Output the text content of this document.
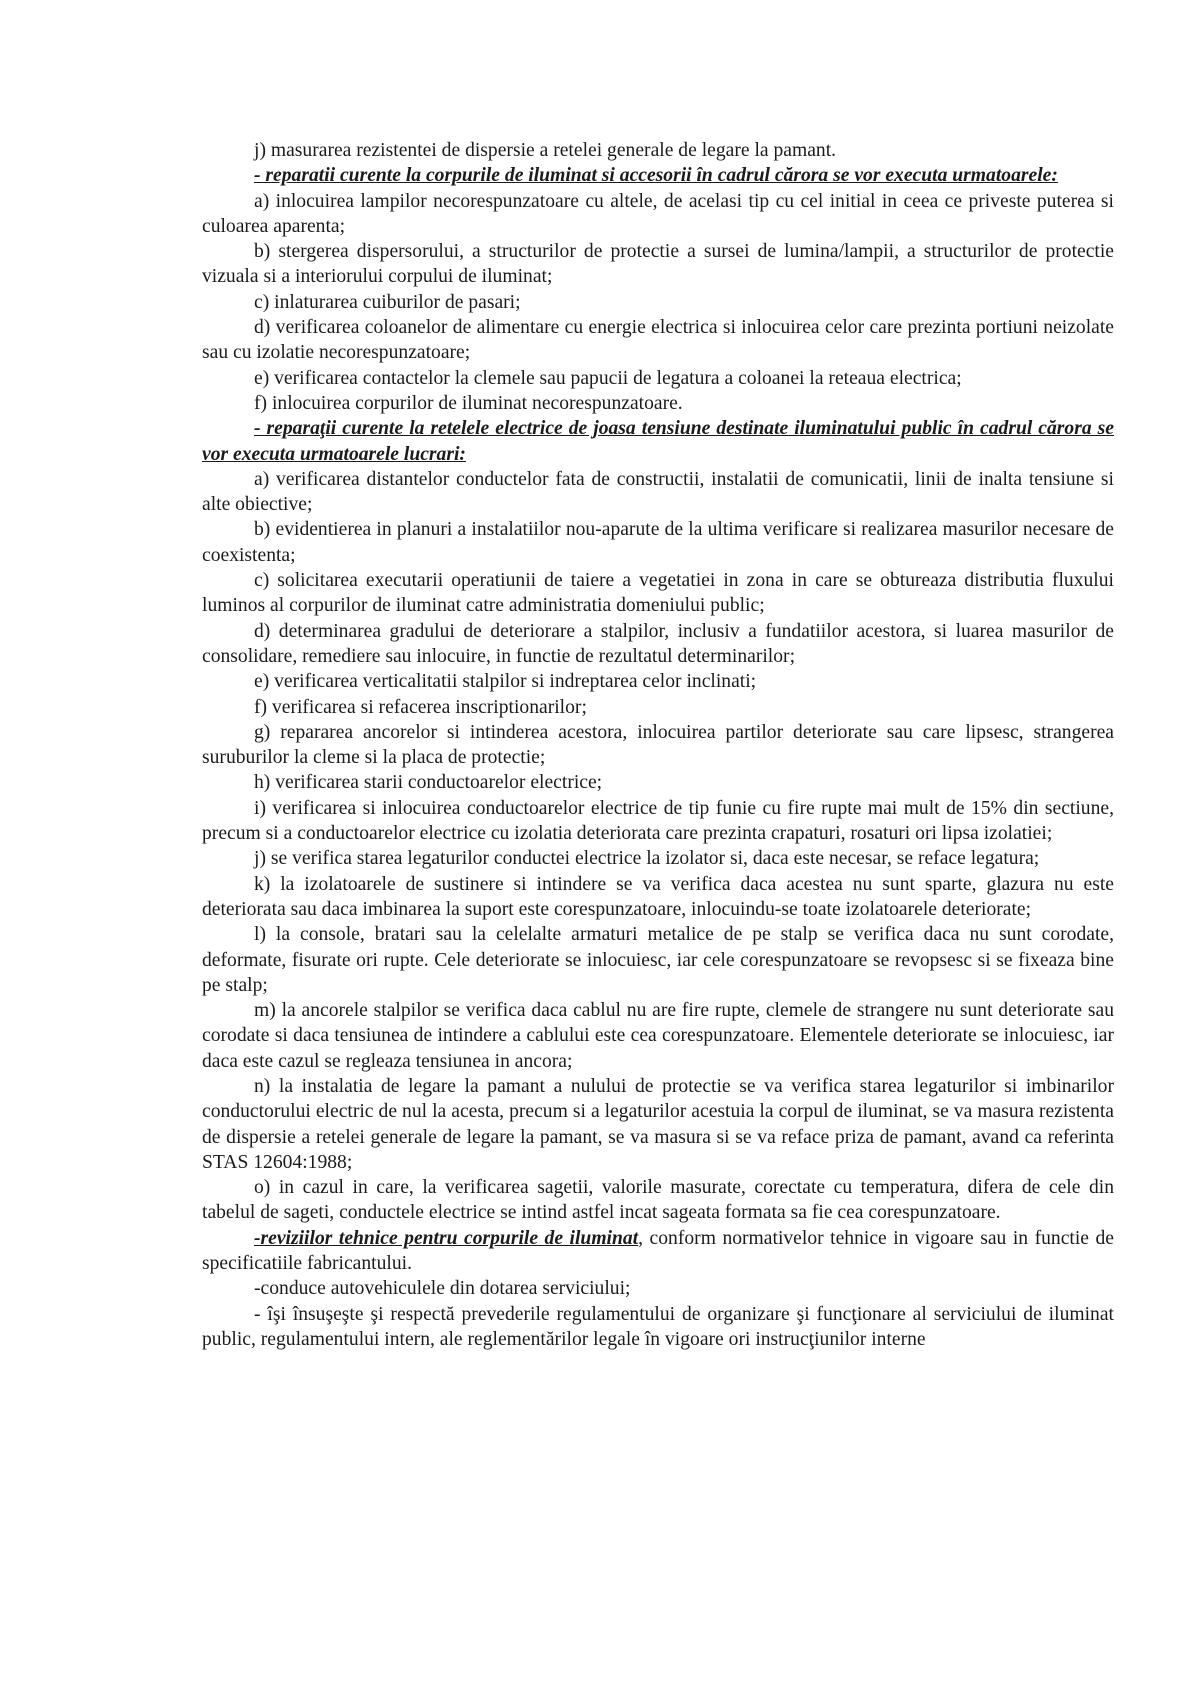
j) masurarea rezistentei de dispersie a retelei generale de legare la pamant.

- reparatii curente la corpurile de iluminat si accesorii în cadrul cărora se vor executa urmatoarele:

a) inlocuirea lampilor necorespunzatoare cu altele, de acelasi tip cu cel initial in ceea ce priveste puterea si culoarea aparenta;

b) stergerea dispersorului, a structurilor de protectie a sursei de lumina/lampii, a structurilor de protectie vizuala si a interiorului corpului de iluminat;

c) inlaturarea cuiburilor de pasari;

d) verificarea coloanelor de alimentare cu energie electrica si inlocuirea celor care prezinta portiuni neizolate sau cu izolatie necorespunzatoare;

e) verificarea contactelor la clemele sau papucii de legatura a coloanei la reteaua electrica;

f) inlocuirea corpurilor de iluminat necorespunzatoare.

- reparaţii curente la retelele electrice de joasa tensiune destinate iluminatului public în cadrul cărora se vor executa urmatoarele lucrari:

a) verificarea distantelor conductelor fata de constructii, instalatii de comunicatii, linii de inalta tensiune si alte obiective;

b) evidentierea in planuri a instalatiilor nou-aparute de la ultima verificare si realizarea masurilor necesare de coexistenta;

c) solicitarea executarii operatiunii de taiere a vegetatiei in zona in care se obtureaza distributia fluxului luminos al corpurilor de iluminat catre administratia domeniului public;

d) determinarea gradului de deteriorare a stalpilor, inclusiv a fundatiilor acestora, si luarea masurilor de consolidare, remediere sau inlocuire, in functie de rezultatul determinarilor;

e) verificarea verticalitatii stalpilor si indreptarea celor inclinati;

f) verificarea si refacerea inscriptionarilor;

g) repararea ancorelor si intinderea acestora, inlocuirea partilor deteriorate sau care lipsesc, strangerea suruburilor la cleme si la placa de protectie;

h) verificarea starii conductoarelor electrice;

i) verificarea si inlocuirea conductoarelor electrice de tip funie cu fire rupte mai mult de 15% din sectiune, precum si a conductoarelor electrice cu izolatia deteriorata care prezinta crapaturi, rosaturi ori lipsa izolatiei;

j) se verifica starea legaturilor conductei electrice la izolator si, daca este necesar, se reface legatura;

k) la izolatoarele de sustinere si intindere se va verifica daca acestea nu sunt sparte, glazura nu este deteriorata sau daca imbinarea la suport este corespunzatoare, inlocuindu-se toate izolatoarele deteriorate;

l) la console, bratari sau la celelalte armaturi metalice de pe stalp se verifica daca nu sunt corodate, deformate, fisurate ori rupte. Cele deteriorate se inlocuiesc, iar cele corespunzatoare se revopsesc si se fixeaza bine pe stalp;

m) la ancorele stalpilor se verifica daca cablul nu are fire rupte, clemele de strangere nu sunt deteriorate sau corodate si daca tensiunea de intindere a cablului este cea corespunzatoare. Elementele deteriorate se inlocuiesc, iar daca este cazul se regleaza tensiunea in ancora;

n) la instalatia de legare la pamant a nulului de protectie se va verifica starea legaturilor si imbinarilor conductorului electric de nul la acesta, precum si a legaturilor acestuia la corpul de iluminat, se va masura rezistenta de dispersie a retelei generale de legare la pamant, se va masura si se va reface priza de pamant, avand ca referinta STAS 12604:1988;

o) in cazul in care, la verificarea sagetii, valorile masurate, corectate cu temperatura, difera de cele din tabelul de sageti, conductele electrice se intind astfel incat sageata formata sa fie cea corespunzatoare.

-reviziilor tehnice pentru corpurile de iluminat, conform normativelor tehnice in vigoare sau in functie de specificatiile fabricantului.

-conduce autovehiculele din dotarea serviciului;

- îşi însuşeşte şi respectă prevederile regulamentului de organizare şi funcţionare al serviciului de iluminat public, regulamentului intern, ale reglementărilor legale în vigoare ori instrucţiunilor interne
